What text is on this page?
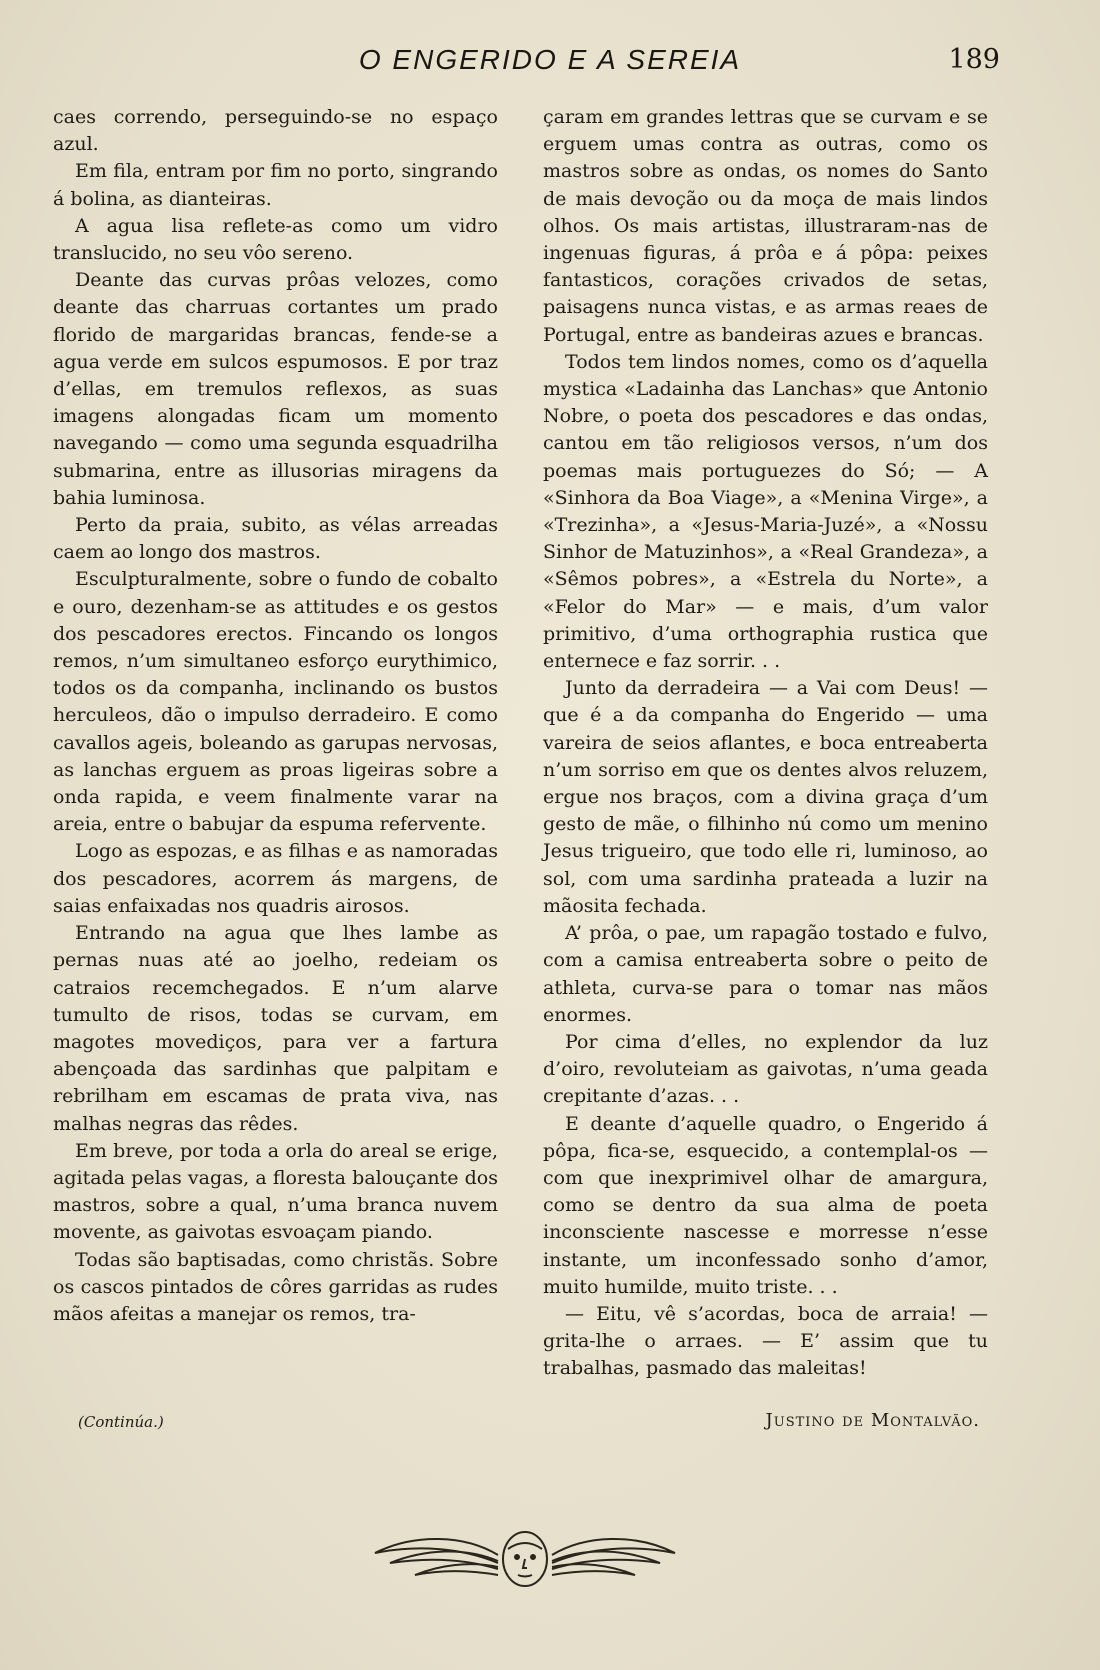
O ENGERIDO E A SEREIA	189

caes correndo, perseguindo-se no espaço azul.

Em fila, entram por fim no porto, singrando á bolina, as dianteiras.

A agua lisa reflete-as como um vidro translucido, no seu vôo sereno.

Deante das curvas prôas velozes, como deante das charruas cortantes um prado florido de margaridas brancas, fende-se a agua verde em sulcos espumosos. E por traz d’ellas, em tremulos reflexos, as suas imagens alongadas ficam um momento navegando — como uma segunda esquadrilha submarina, entre as illusorias miragens da bahia luminosa.

Perto da praia, subito, as vélas arreadas caem ao longo dos mastros.

Esculpturalmente, sobre o fundo de cobalto e ouro, dezenham-se as attitudes e os gestos dos pescadores erectos. Fincando os longos remos, n’um simultaneo esforço eurythimico, todos os da companha, inclinando os bustos herculeos, dão o impulso derradeiro. E como cavallos ageis, boleando as garupas nervosas, as lanchas erguem as proas ligeiras sobre a onda rapida, e veem finalmente varar na areia, entre o babujar da espuma refervente.

Logo as espozas, e as filhas e as namoradas dos pescadores, acorrem ás margens, de saias enfaixadas nos quadris airosos.

Entrando na agua que lhes lambe as pernas nuas até ao joelho, redeiam os catraios recemchegados. E n’um alarve tumulto de risos, todas se curvam, em magotes movediços, para ver a fartura abençoada das sardinhas que palpitam e rebrilham em escamas de prata viva, nas malhas negras das rêdes.

Em breve, por toda a orla do areal se erige, agitada pelas vagas, a floresta balouçante dos mastros, sobre a qual, n’uma branca nuvem movente, as gaivotas esvoaçam piando.

Todas são baptisadas, como christãs. Sobre os cascos pintados de côres garridas as rudes mãos afeitas a manejar os remos, tra-

çaram em grandes lettras que se curvam e se erguem umas contra as outras, como os mastros sobre as ondas, os nomes do Santo de mais devoção ou da moça de mais lindos olhos. Os mais artistas, illustraram-nas de ingenuas figuras, á prôa e á pôpa: peixes fantasticos, corações crivados de setas, paisagens nunca vistas, e as armas reaes de Portugal, entre as bandeiras azues e brancas.

Todos tem lindos nomes, como os d’aquella mystica «Ladainha das Lanchas» que Antonio Nobre, o poeta dos pescadores e das ondas, cantou em tão religiosos versos, n’um dos poemas mais portuguezes do Só; — A «Sinhora da Boa Viage», a «Menina Virge», a «Trezinha», a «Jesus-Maria-Juzé», a «Nossu Sinhor de Matuzinhos», a «Real Grandeza», a «Sêmos pobres», a «Estrela du Norte», a «Felor do Mar» — e mais, d’um valor primitivo, d’uma orthographia rustica que enternece e faz sorrir. . .

Junto da derradeira — a Vai com Deus! — que é a da companha do Engerido — uma vareira de seios aflantes, e boca entreaberta n’um sorriso em que os dentes alvos reluzem, ergue nos braços, com a divina graça d’um gesto de mãe, o filhinho nú como um menino Jesus trigueiro, que todo elle ri, luminoso, ao sol, com uma sardinha prateada a luzir na mãosita fechada.

A’ prôa, o pae, um rapagão tostado e fulvo, com a camisa entreaberta sobre o peito de athleta, curva-se para o tomar nas mãos enormes.

Por cima d’elles, no explendor da luz d’oiro, revoluteiam as gaivotas, n’uma geada crepitante d’azas. . .

E deante d’aquelle quadro, o Engerido á pôpa, fica-se, esquecido, a contemplal-os — com que inexprimivel olhar de amargura, como se dentro da sua alma de poeta inconsciente nascesse e morresse n’esse instante, um inconfessado sonho d’amor, muito humilde, muito triste. . .

— Eitu, vê s’acordas, boca de arraia! — grita-lhe o arraes. — E’ assim que tu trabalhas, pasmado das maleitas!

(Continúa.)	Justino de Montalvão.
